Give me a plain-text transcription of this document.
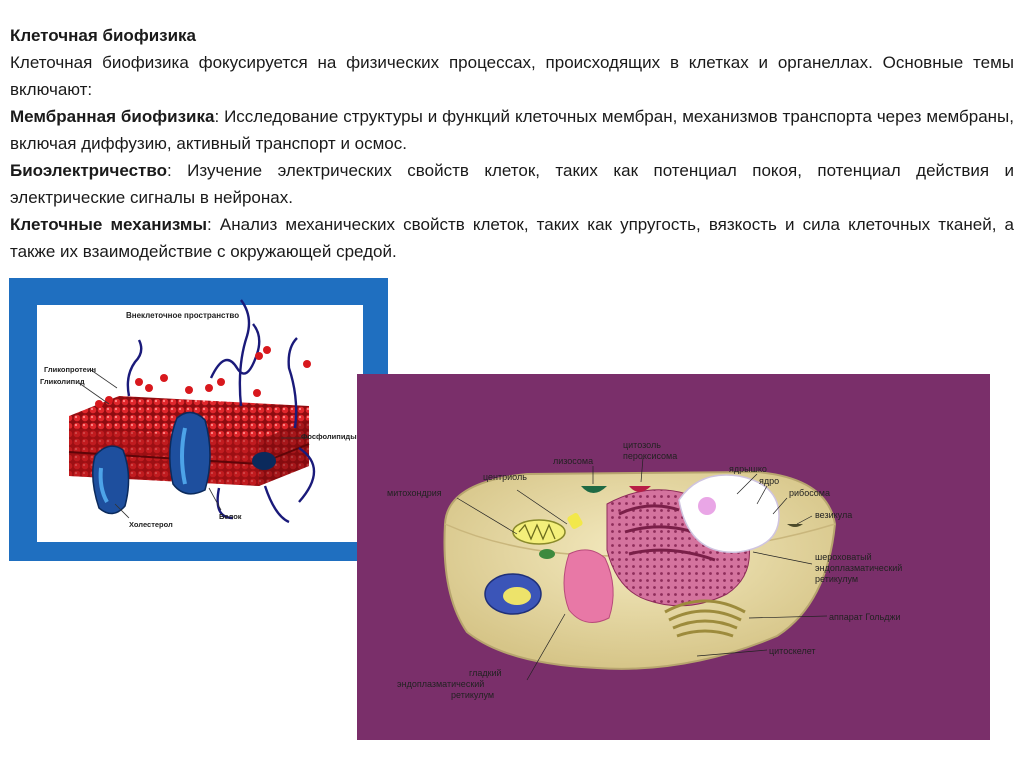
Клеточная биофизика

Клеточная биофизика фокусируется на физических процессах, происходящих в клетках и органеллах. Основные темы включают:

Мембранная биофизика: Исследование структуры и функций клеточных мембран, механизмов транспорта через мембраны, включая диффузию, активный транспорт и осмос.

Биоэлектричество: Изучение электрических свойств клеток, таких как потенциал покоя, потенциал действия и электрические сигналы в нейронах.

Клеточные механизмы: Анализ механических свойств клеток, таких как упругость, вязкость и сила клеточных тканей, а также их взаимодействие с окружающей средой.

Внеклеточное пространство
Гликопротеин
Гликолипид
Фосфолипиды
Холестерол
Белок
лизосома
цитозоль
пероксисома
центриоль
ядрышко
ядро
митохондрия	рибосома
везикула
шероховатый
эндоплазматический
ретикулум
аппарат Гольджи
цитоскелет
гладкий
эндоплазматический
ретикулум
